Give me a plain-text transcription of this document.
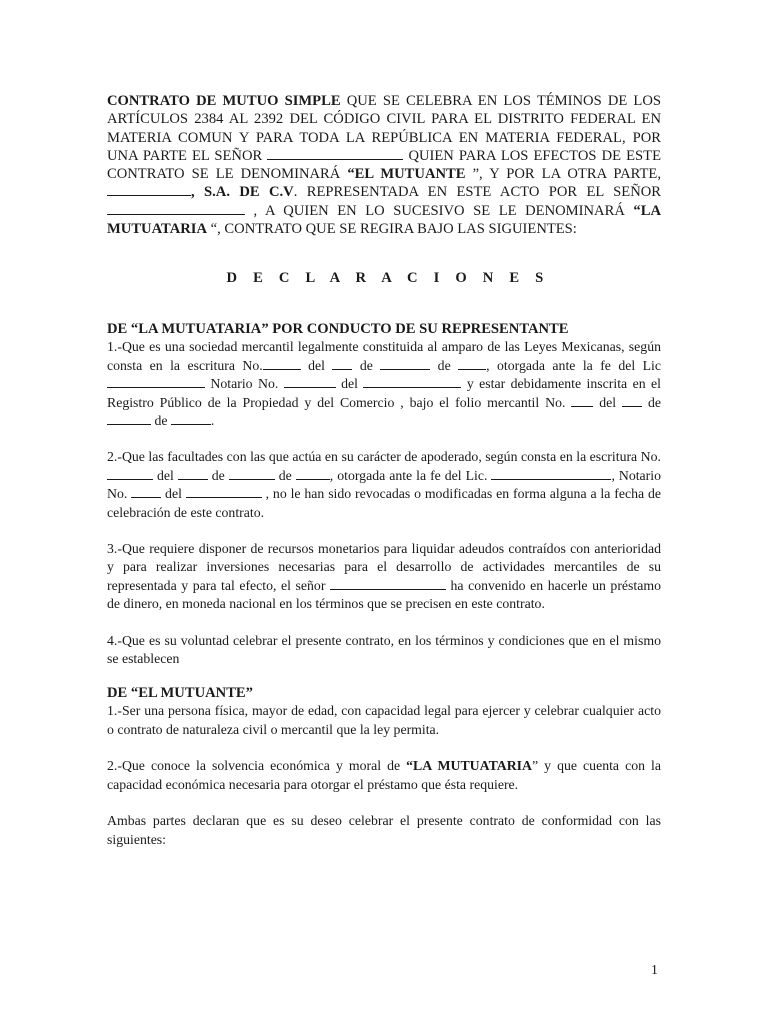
CONTRATO DE MUTUO SIMPLE QUE SE CELEBRA EN LOS TÉMINOS DE LOS ARTÍCULOS 2384 AL 2392 DEL CÓDIGO CIVIL PARA EL DISTRITO FEDERAL EN MATERIA COMUN Y PARA TODA LA REPÚBLICA EN MATERIA FEDERAL, POR UNA PARTE EL SEÑOR	QUIEN PARA LOS EFECTOS DE ESTE CONTRATO SE LE DENOMINARÁ “EL MUTUANTE ”, Y POR LA OTRA PARTE, , S.A. DE C.V. REPRESENTADA EN ESTE ACTO POR EL SEÑOR  , A QUIEN EN LO SUCESIVO SE LE DENOMINARÁ “LA MUTUATARIA “, CONTRATO QUE SE REGIRA BAJO LAS SIGUIENTES:

D E C L A R A C I O N E S

DE “LA MUTUATARIA” POR CONDUCTO DE SU REPRESENTANTE

1.-Que es una sociedad mercantil legalmente constituida al amparo de las Leyes Mexicanas, según consta en la escritura No.	del  de	de , otorgada ante la fe del Lic  Notario No.	del	y estar debidamente inscrita en el Registro Público de la Propiedad y del Comercio , bajo el folio mercantil No.  del  de  de	.

2.-Que las facultades con las que actúa en su carácter de apoderado, según consta en la escritura No.  del  de	de , otorgada ante la fe del Lic.	, Notario No.  del	, no le han sido revocadas o modificadas en forma alguna a la fecha de celebración de este contrato.

3.-Que requiere disponer de recursos monetarios para liquidar adeudos contraídos con anterioridad y para realizar inversiones necesarias para el desarrollo de actividades mercantiles de su representada y para tal efecto, el señor	ha convenido en hacerle un préstamo de dinero, en moneda nacional en los términos que se precisen en este contrato.

4.-Que es su voluntad celebrar el presente contrato, en los términos y condiciones que en el mismo se establecen

DE “EL MUTUANTE”

1.-Ser una persona física, mayor de edad, con capacidad legal para ejercer y celebrar cualquier acto o contrato de naturaleza civil o mercantil que la ley permita.

2.-Que conoce la solvencia económica y moral de “LA MUTUATARIA” y que cuenta con la capacidad económica necesaria para otorgar el préstamo que ésta requiere.

Ambas partes declaran que es su deseo celebrar el presente contrato de conformidad con las siguientes:

1
